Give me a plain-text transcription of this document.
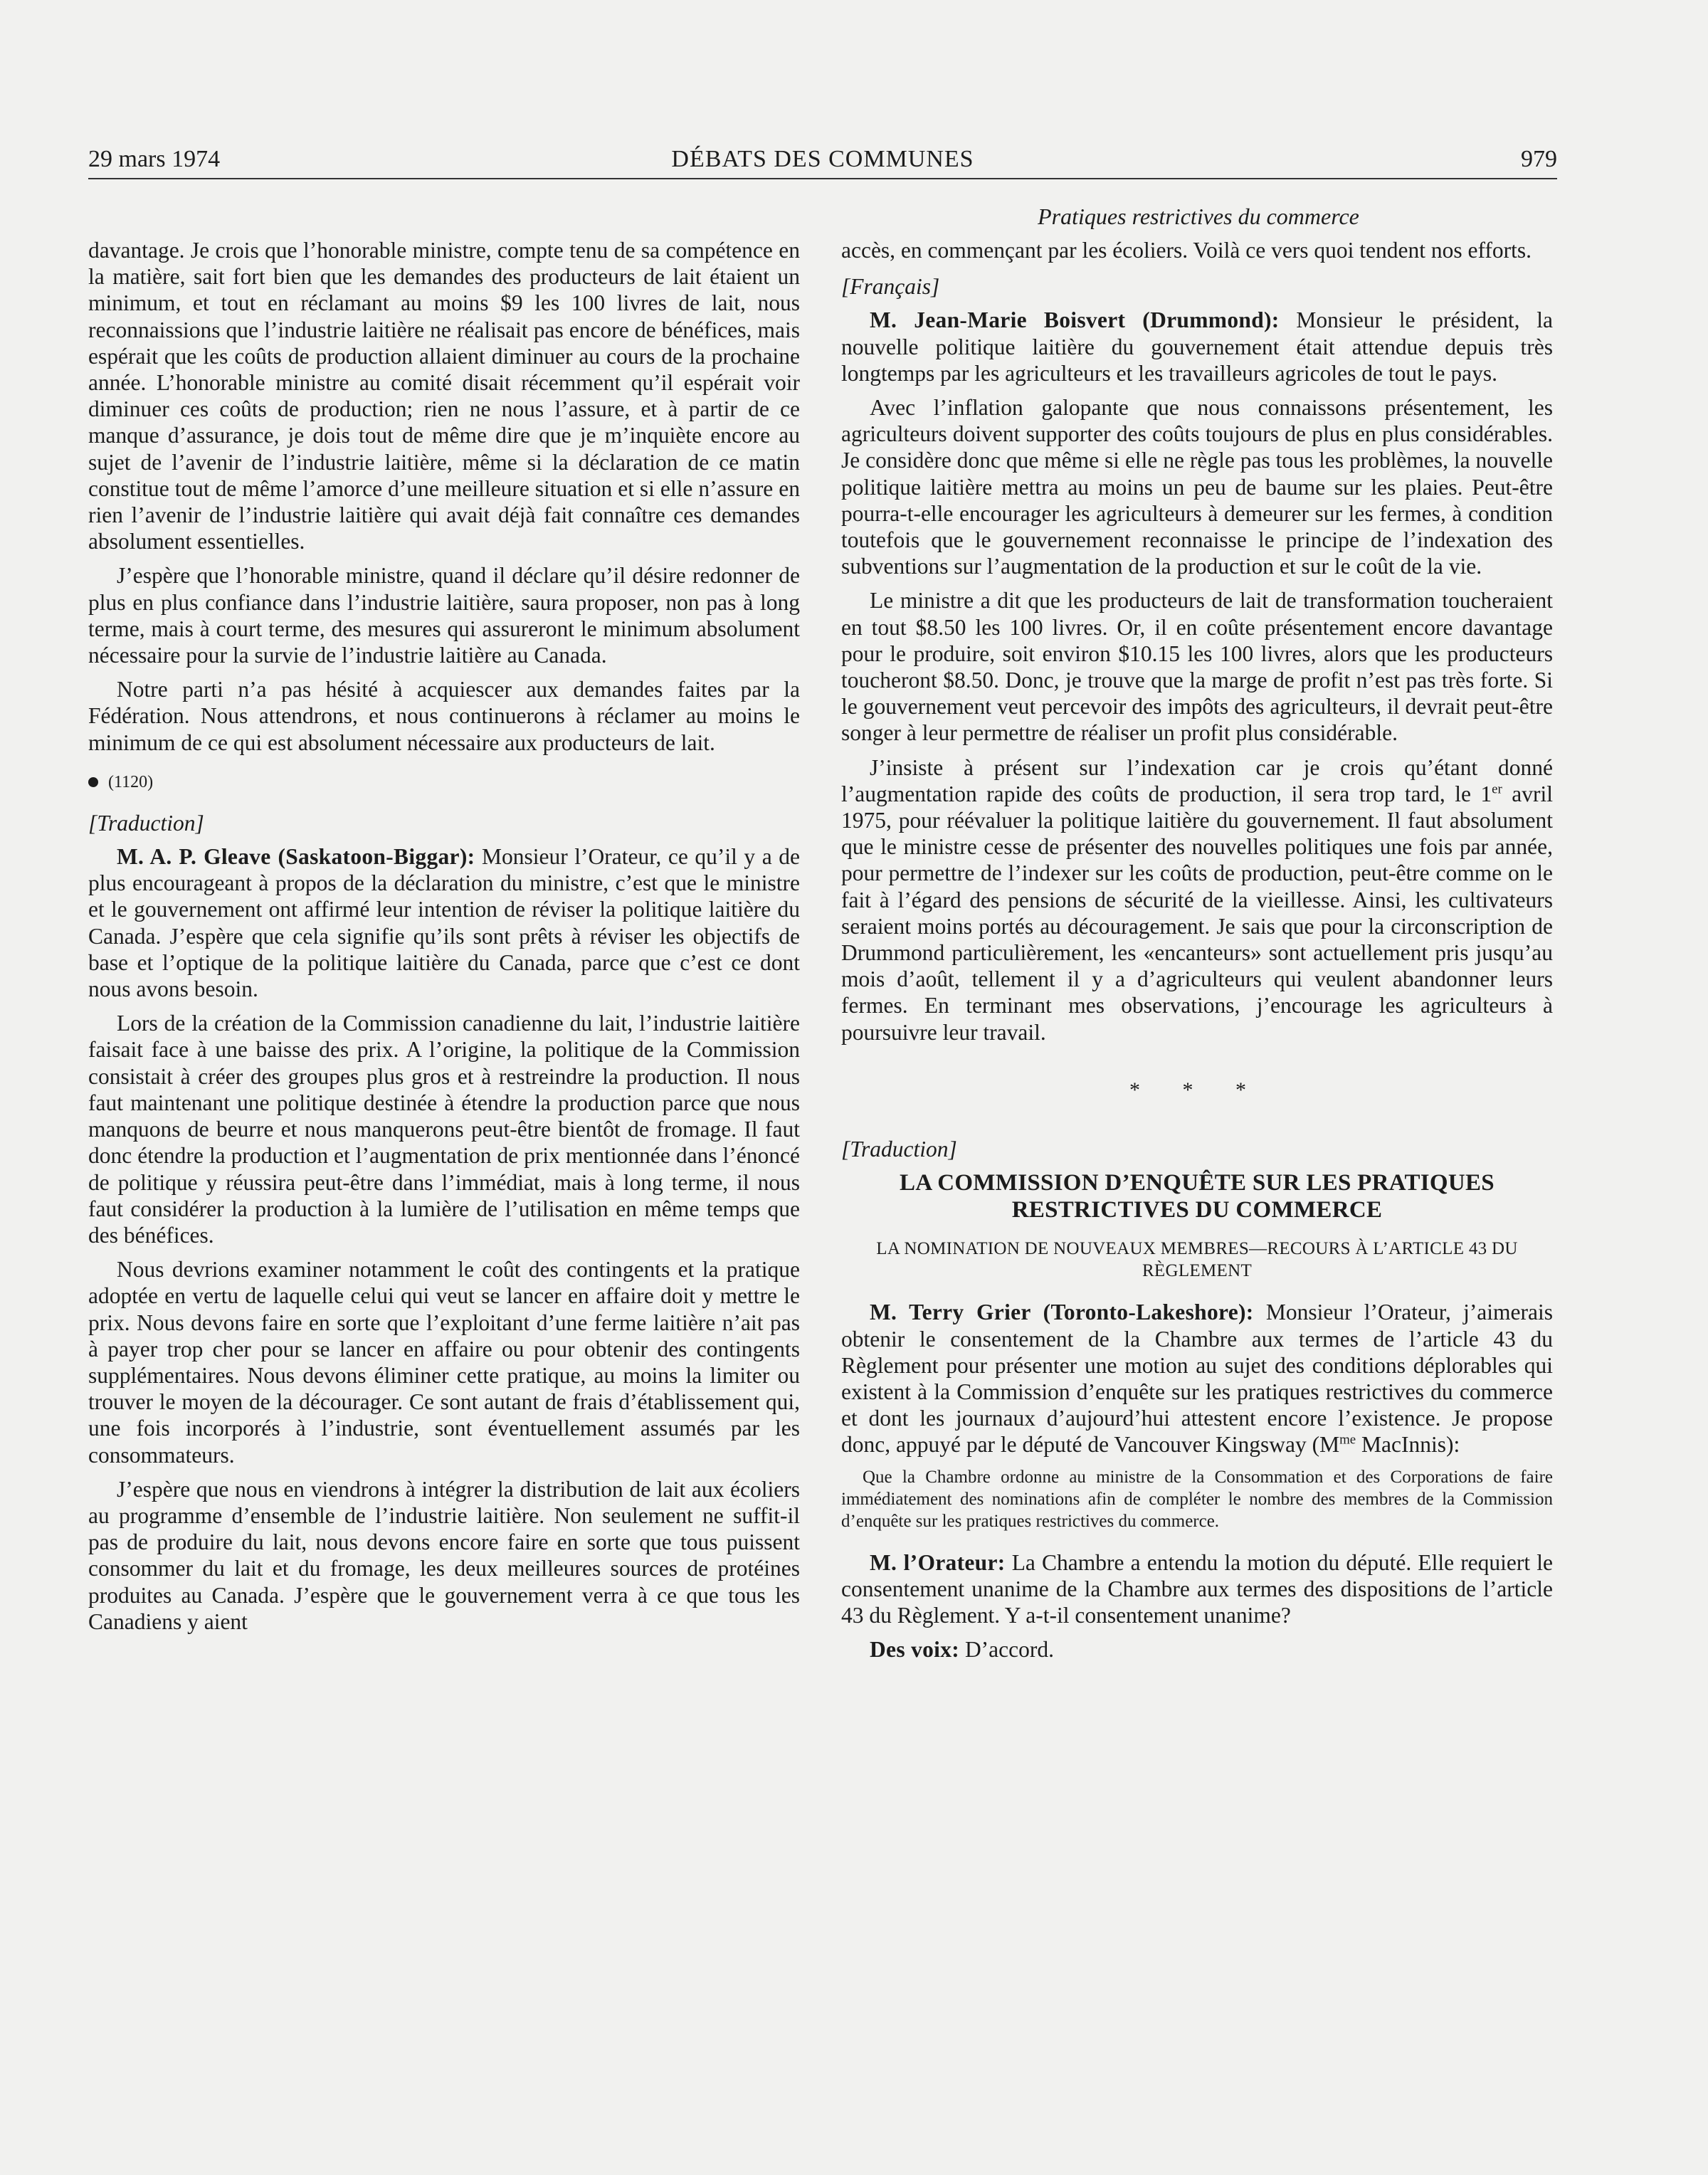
29 mars 1974	DÉBATS DES COMMUNES	979
Pratiques restrictives du commerce

davantage. Je crois que l’honorable ministre, compte tenu de sa compétence en la matière, sait fort bien que les demandes des producteurs de lait étaient un minimum, et tout en réclamant au moins $9 les 100 livres de lait, nous reconnaissions que l’industrie laitière ne réalisait pas encore de bénéfices, mais espérait que les coûts de production allaient diminuer au cours de la prochaine année. L’honorable ministre au comité disait récemment qu’il espérait voir diminuer ces coûts de production; rien ne nous l’assure, et à partir de ce manque d’assurance, je dois tout de même dire que je m’inquiète encore au sujet de l’avenir de l’industrie laitière, même si la déclaration de ce matin constitue tout de même l’amorce d’une meilleure situation et si elle n’assure en rien l’avenir de l’industrie laitière qui avait déjà fait connaître ces demandes absolument essentielles.

J’espère que l’honorable ministre, quand il déclare qu’il désire redonner de plus en plus confiance dans l’industrie laitière, saura proposer, non pas à long terme, mais à court terme, des mesures qui assureront le minimum absolument nécessaire pour la survie de l’industrie laitière au Canada.

Notre parti n’a pas hésité à acquiescer aux demandes faites par la Fédération. Nous attendrons, et nous continuerons à réclamer au moins le minimum de ce qui est absolument nécessaire aux producteurs de lait.

(1120)
[Traduction]

M. A. P. Gleave (Saskatoon-Biggar): Monsieur l’Orateur, ce qu’il y a de plus encourageant à propos de la déclaration du ministre, c’est que le ministre et le gouvernement ont affirmé leur intention de réviser la politique laitière du Canada. J’espère que cela signifie qu’ils sont prêts à réviser les objectifs de base et l’optique de la politique laitière du Canada, parce que c’est ce dont nous avons besoin.

Lors de la création de la Commission canadienne du lait, l’industrie laitière faisait face à une baisse des prix. A l’origine, la politique de la Commission consistait à créer des groupes plus gros et à restreindre la production. Il nous faut maintenant une politique destinée à étendre la production parce que nous manquons de beurre et nous manquerons peut-être bientôt de fromage. Il faut donc étendre la production et l’augmentation de prix mentionnée dans l’énoncé de politique y réussira peut-être dans l’immédiat, mais à long terme, il nous faut considérer la production à la lumière de l’utilisation en même temps que des bénéfices.

Nous devrions examiner notamment le coût des contingents et la pratique adoptée en vertu de laquelle celui qui veut se lancer en affaire doit y mettre le prix. Nous devons faire en sorte que l’exploitant d’une ferme laitière n’ait pas à payer trop cher pour se lancer en affaire ou pour obtenir des contingents supplémentaires. Nous devons éliminer cette pratique, au moins la limiter ou trouver le moyen de la décourager. Ce sont autant de frais d’établissement qui, une fois incorporés à l’industrie, sont éventuellement assumés par les consommateurs.

J’espère que nous en viendrons à intégrer la distribution de lait aux écoliers au programme d’ensemble de l’industrie laitière. Non seulement ne suffit-il pas de produire du lait, nous devons encore faire en sorte que tous puissent consommer du lait et du fromage, les deux meilleures sources de protéines produites au Canada. J’espère que le gouvernement verra à ce que tous les Canadiens y aient

accès, en commençant par les écoliers. Voilà ce vers quoi tendent nos efforts.

[Français]

M. Jean-Marie Boisvert (Drummond): Monsieur le président, la nouvelle politique laitière du gouvernement était attendue depuis très longtemps par les agriculteurs et les travailleurs agricoles de tout le pays.

Avec l’inflation galopante que nous connaissons présentement, les agriculteurs doivent supporter des coûts toujours de plus en plus considérables. Je considère donc que même si elle ne règle pas tous les problèmes, la nouvelle politique laitière mettra au moins un peu de baume sur les plaies. Peut-être pourra-t-elle encourager les agriculteurs à demeurer sur les fermes, à condition toutefois que le gouvernement reconnaisse le principe de l’indexation des subventions sur l’augmentation de la production et sur le coût de la vie.

Le ministre a dit que les producteurs de lait de transformation toucheraient en tout $8.50 les 100 livres. Or, il en coûte présentement encore davantage pour le produire, soit environ $10.15 les 100 livres, alors que les producteurs toucheront $8.50. Donc, je trouve que la marge de profit n’est pas très forte. Si le gouvernement veut percevoir des impôts des agriculteurs, il devrait peut-être songer à leur permettre de réaliser un profit plus considérable.

J’insiste à présent sur l’indexation car je crois qu’étant donné l’augmentation rapide des coûts de production, il sera trop tard, le 1er avril 1975, pour réévaluer la politique laitière du gouvernement. Il faut absolument que le ministre cesse de présenter des nouvelles politiques une fois par année, pour permettre de l’indexer sur les coûts de production, peut-être comme on le fait à l’égard des pensions de sécurité de la vieillesse. Ainsi, les cultivateurs seraient moins portés au découragement. Je sais que pour la circonscription de Drummond particulièrement, les «encanteurs» sont actuellement pris jusqu’au mois d’août, tellement il y a d’agriculteurs qui veulent abandonner leurs fermes. En terminant mes observations, j’encourage les agriculteurs à poursuivre leur travail.

* * *
[Traduction]
LA COMMISSION D’ENQUÊTE SUR LES PRATIQUES RESTRICTIVES DU COMMERCE
LA NOMINATION DE NOUVEAUX MEMBRES—RECOURS À L’ARTICLE 43 DU RÈGLEMENT

M. Terry Grier (Toronto-Lakeshore): Monsieur l’Orateur, j’aimerais obtenir le consentement de la Chambre aux termes de l’article 43 du Règlement pour présenter une motion au sujet des conditions déplorables qui existent à la Commission d’enquête sur les pratiques restrictives du commerce et dont les journaux d’aujourd’hui attestent encore l’existence. Je propose donc, appuyé par le député de Vancouver Kingsway ($M^{me}$ MacInnis):

Que la Chambre ordonne au ministre de la Consommation et des Corporations de faire immédiatement des nominations afin de compléter le nombre des membres de la Commission d’enquête sur les pratiques restrictives du commerce.

M. l’Orateur: La Chambre a entendu la motion du député. Elle requiert le consentement unanime de la Chambre aux termes des dispositions de l’article 43 du Règlement. Y a-t-il consentement unanime?

Des voix: D’accord.
